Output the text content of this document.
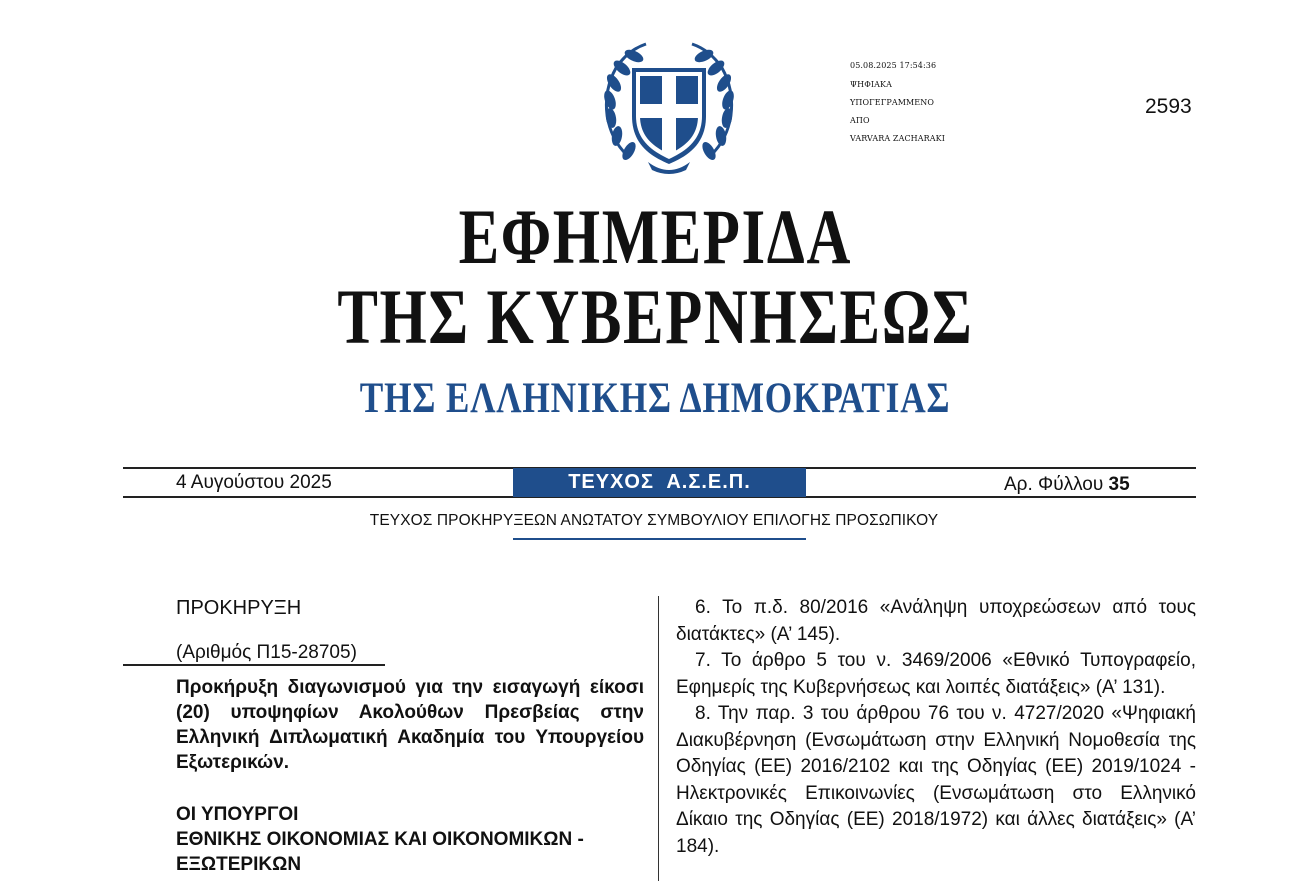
05.08.2025 17:54:36
ΨΗΦΙΑΚΑ
ΥΠΟΓΕΓΡΑΜΜΕΝΟ
ΑΠΟ
VARVARA ZACHARAKI
2593
ΕΦΗΜΕΡΙΔΑ
ΤΗΣ ΚΥΒΕΡΝΗΣΕΩΣ
ΤΗΣ ΕΛΛΗΝΙΚΗΣ ΔΗΜΟΚΡΑΤΙΑΣ
4 Αυγούστου 2025	ΤΕΥΧΟΣ  Α.Σ.Ε.Π.	Αρ. Φύλλου 35
ΤΕΥΧΟΣ ΠΡΟΚΗΡΥΞΕΩΝ ΑΝΩΤΑΤΟΥ ΣΥΜΒΟΥΛΙΟΥ ΕΠΙΛΟΓΗΣ ΠΡΟΣΩΠΙΚΟΥ
ΠΡΟΚΗΡΥΞΗ
(Αριθμός Π15-28705)
Προκήρυξη διαγωνισμού για την εισαγωγή είκοσι (20) υποψηφίων Ακολούθων Πρεσβείας στην Ελληνική Διπλωματική Ακαδημία του Υπουργείου Εξωτερικών.
ΟΙ ΥΠΟΥΡΓΟΙ
ΕΘΝΙΚΗΣ ΟΙΚΟΝΟΜΙΑΣ ΚΑΙ ΟΙΚΟΝΟΜΙΚΩΝ -
ΕΞΩΤΕΡΙΚΩΝ

6. Το π.δ. 80/2016 «Ανάληψη υποχρεώσεων από τους διατάκτες» (Α’ 145).

7. Το άρθρο 5 του ν. 3469/2006 «Εθνικό Τυπογραφείο, Εφημερίς της Κυβερνήσεως και λοιπές διατάξεις» (Α’ 131).

8. Την παρ. 3 του άρθρου 76 του ν. 4727/2020 «Ψηφιακή Διακυβέρνηση (Ενσωμάτωση στην Ελληνική Νομοθεσία της Οδηγίας (ΕΕ) 2016/2102 και της Οδηγίας (ΕΕ) 2019/1024 - Ηλεκτρονικές Επικοινωνίες (Ενσωμάτωση στο Ελληνικό Δίκαιο της Οδηγίας (ΕΕ) 2018/1972) και άλλες διατάξεις» (Α’ 184).
